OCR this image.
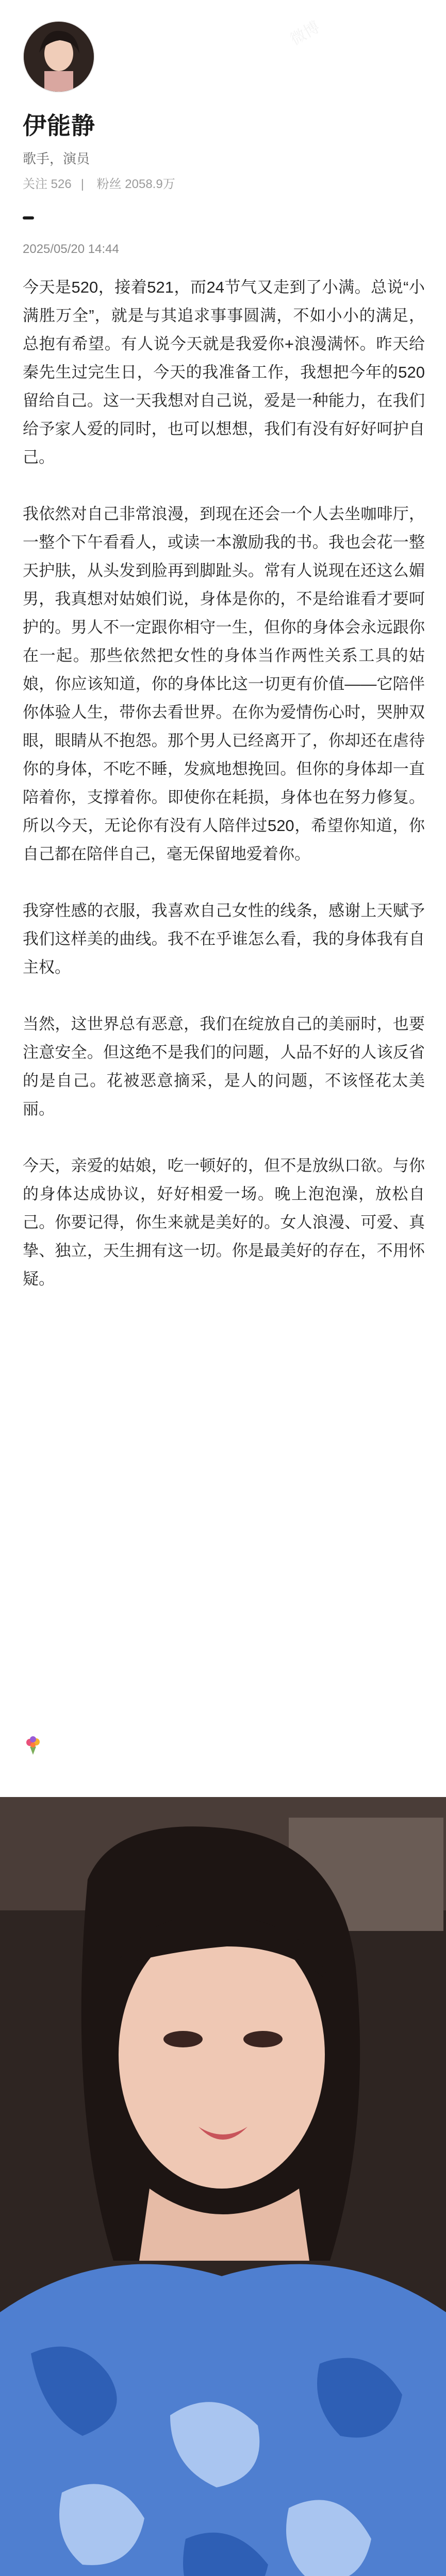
微博
伊能静
歌手，演员
关注 526 | 粉丝 2058.9万
2025/05/20 14:44

今天是520，接着521，而24节气又走到了小满。总说“小满胜万全”，就是与其追求事事圆满，不如小小的满足，总抱有希望。有人说今天就是我爱你+浪漫满怀。昨天给秦先生过完生日，今天的我准备工作，我想把今年的520留给自己。这一天我想对自己说，爱是一种能力，在我们给予家人爱的同时，也可以想想，我们有没有好好呵护自己。

我依然对自己非常浪漫，到现在还会一个人去坐咖啡厅，一整个下午看看人，或读一本激励我的书。我也会花一整天护肤，从头发到脸再到脚趾头。常有人说现在还这么媚男，我真想对姑娘们说，身体是你的，不是给谁看才要呵护的。男人不一定跟你相守一生，但你的身体会永远跟你在一起。那些依然把女性的身体当作两性关系工具的姑娘，你应该知道，你的身体比这一切更有价值——它陪伴你体验人生，带你去看世界。在你为爱情伤心时，哭肿双眼，眼睛从不抱怨。那个男人已经离开了，你却还在虐待你的身体，不吃不睡，发疯地想挽回。但你的身体却一直陪着你，支撑着你。即使你在耗损，身体也在努力修复。所以今天，无论你有没有人陪伴过520，希望你知道，你自己都在陪伴自己，毫无保留地爱着你。

我穿性感的衣服，我喜欢自己女性的线条，感谢上天赋予我们这样美的曲线。我不在乎谁怎么看，我的身体我有自主权。

当然，这世界总有恶意，我们在绽放自己的美丽时，也要注意安全。但这绝不是我们的问题，人品不好的人该反省的是自己。花被恶意摘采，是人的问题，不该怪花太美丽。

今天，亲爱的姑娘，吃一顿好的，但不是放纵口欲。与你的身体达成协议，好好相爱一场。晚上泡泡澡，放松自己。你要记得，你生来就是美好的。女人浪漫、可爱、真挚、独立，天生拥有这一切。你是最美好的存在，不用怀疑。
